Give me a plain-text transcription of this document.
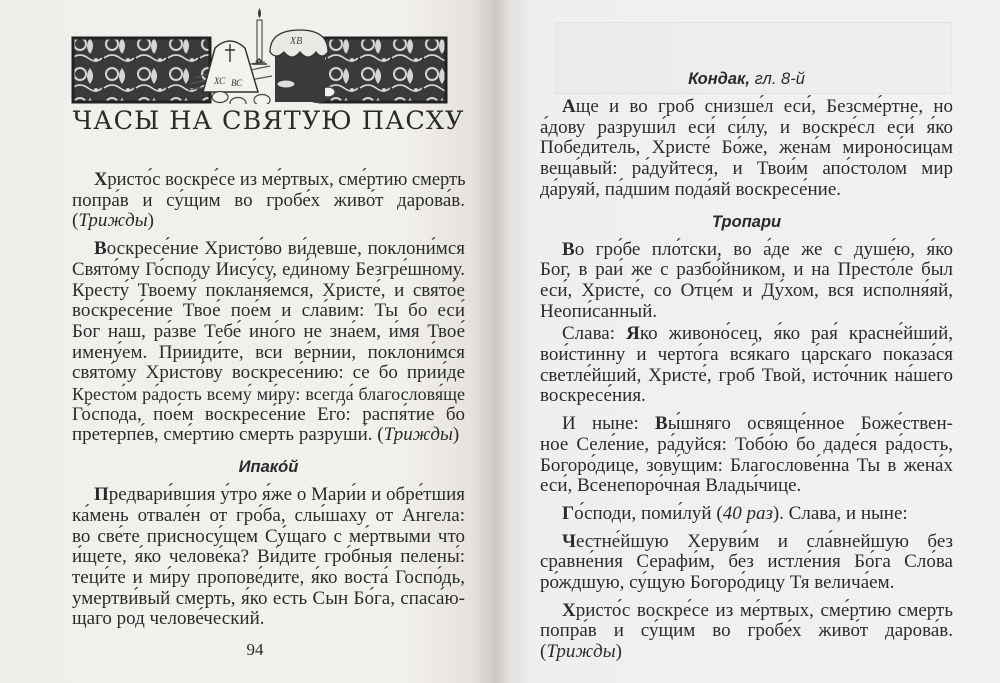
ХС ВС
ХВ
ЧАСЫ НА СВЯТУЮ ПАСХУ
Христо́с воскре́се из ме́ртвых, сме́ртию смерть
попра́в и су́щим во гробе́х живо́т дарова́в.
(Трижды)
Воскресе́ние Христо́во ви́девше, поклони́мся
Свято́му Го́споду Иису́су, еди́ному Безгре́шному.
Кресту́ Твоему́ покланя́емся, Христе́, и свято́е
воскресе́ние Твое́ пое́м и сла́вим: Ты бо еси́
Бог наш, ра́зве Тебе́ ино́го не зна́ем, и́мя Твое́
имену́ем. Прииди́те, вси ве́рнии, поклони́мся
свято́му Христо́ву воскресе́нию: се бо прии́де
Кресто́м ра́дость всему́ ми́ру: всегда́ благословя́ще
Го́спода, пое́м воскресе́ние Его́: распя́тие бо
претерпе́в, сме́ртию смерть разруши́. (Трижды)
Ипако́й
Предвари́вшия у́тро я́же о Мари́и и обре́тшия
ка́мень отвале́н от гро́ба, слы́шаху от Ангела:
во све́те присносу́щем Су́щаго с ме́ртвыми что
и́щете, я́ко челове́ка? Ви́дите гро́бныя пелены́:
теци́те и ми́ру пропове́дите, я́ко воста́ Госпо́дь,
умертви́вый смерть, я́ко есть Сын Бо́га, спаса́ю-
щаго род челове́ческий.
94
Кондак, гл. 8-й
Аще и во гроб снизше́л еси́, Безсме́ртне, но
а́дову разруши́л еси́ си́лу, и воскре́сл еси́ я́ко
Победи́тель, Христе́ Бо́же, жена́м мироно́сицам
веща́вый: ра́дуйтеся, и Твои́м апо́столом мир
да́руяй, па́дшим пода́яй воскресе́ние.
Тропари
Во гро́бе пло́тски, во а́де же с душе́ю, я́ко
Бог, в раи́ же с разбо́йником, и на Престо́ле был
еси́, Христе́, со Отце́м и Ду́хом, вся исполня́яй,
Неопи́санный.
Слава: Яко живоно́сец, я́ко рая́ красне́йший,
вои́стинну и черто́га вся́каго ца́рскаго показа́ся
светле́йший, Христе́, гроб Твой, исто́чник на́шего
воскресе́ния.
И ныне: Вы́шняго освяще́нное Боже́ствен-
ное Селе́ние, ра́дуйся: Тобо́ю бо даде́ся ра́дость,
Богоро́дице, зову́щим: Благослове́нна Ты в жена́х
еси́, Всенепоро́чная Влады́чице.
Го́споди, поми́луй (40 раз). Слава, и ныне:
Честне́йшую Херуви́м и сла́внейшую без
сравне́ния Серафи́м, без истле́ния Бо́га Сло́ва
ро́ждшую, су́щую Богоро́дицу Тя велича́ем.
Христо́с воскре́се из ме́ртвых, сме́ртию смерть
попра́в и су́щим во гробе́х живо́т дарова́в.
(Трижды)
